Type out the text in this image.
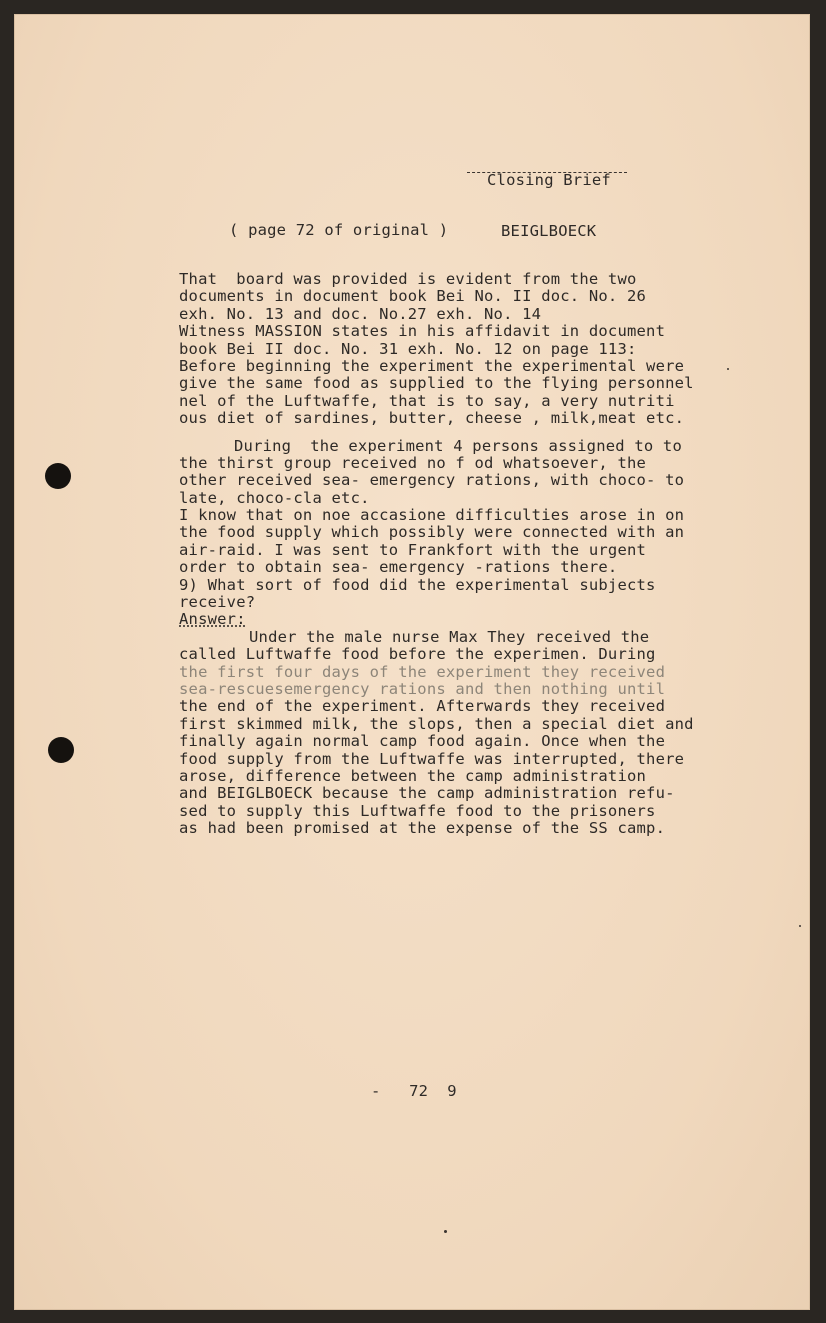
Closing Brief

BEIGLBOECK

( page 72 of original )
That  board was provided is evident from the two
documents in document book Bei No. II doc. No. 26
exh. No. 13 and doc. No.27 exh. No. 14
Witness MASSION states in his affidavit in document
book Bei II doc. No. 31 exh. No. 12 on page 113:
Before beginning the experiment the experimental were
give the same food as supplied to the flying personnel
nel of the Luftwaffe, that is to say, a very nutriti
ous diet of sardines, butter, cheese , milk,meat etc.
During  the experiment 4 persons assigned to to
the thirst group received no f od whatsoever, the
other received sea- emergency rations, with choco- to
late, choco-cla etc.
I know that on noe accasione difficulties arose in on
the food supply which possibly were connected with an
air-raid. I was sent to Frankfort with the urgent
order to obtain sea- emergency -rations there.
9) What sort of food did the experimental subjects
receive?
Answer:
Under the male nurse Max They received the
called Luftwaffe food before the experimen. During
the first four days of the experiment they received
sea-rescuesemergency rations and then nothing until
the end of the experiment. Afterwards they received
first skimmed milk, the slops, then a special diet and
finally again normal camp food again. Once when the
food supply from the Luftwaffe was interrupted, there
arose, difference between the camp administration
and BEIGLBOECK because the camp administration refu-
sed to supply this Luftwaffe food to the prisoners
as had been promised at the expense of the SS camp.
-   72  9
